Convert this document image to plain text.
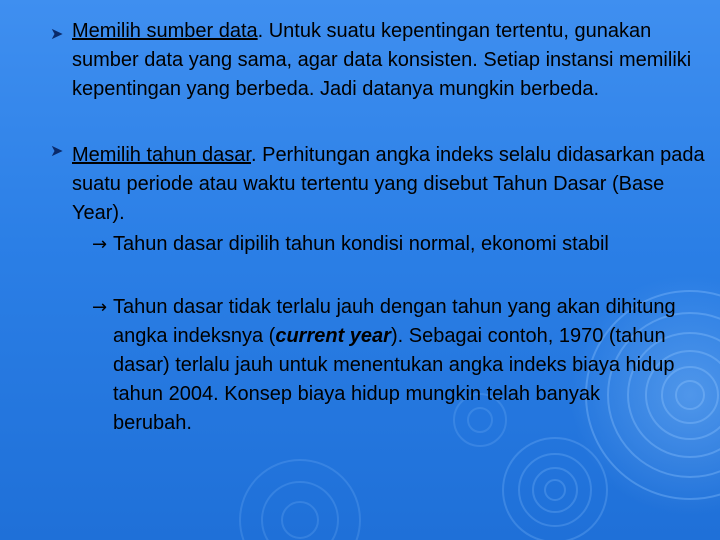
➤ Memilih sumber data. Untuk suatu kepentingan tertentu, gunakan sumber data yang sama, agar data konsisten. Setiap instansi memiliki kepentingan yang berbeda. Jadi datanya mungkin berbeda.

➤ Memilih tahun dasar. Perhitungan angka indeks selalu didasarkan pada suatu periode atau waktu tertentu yang disebut Tahun Dasar (Base Year).

→ Tahun dasar dipilih tahun kondisi normal, ekonomi stabil

→ Tahun dasar tidak terlalu jauh dengan tahun yang akan dihitung angka indeksnya (current year). Sebagai contoh, 1970 (tahun dasar) terlalu jauh untuk menentukan angka indeks biaya hidup tahun 2004. Konsep biaya hidup mungkin telah banyak berubah.
